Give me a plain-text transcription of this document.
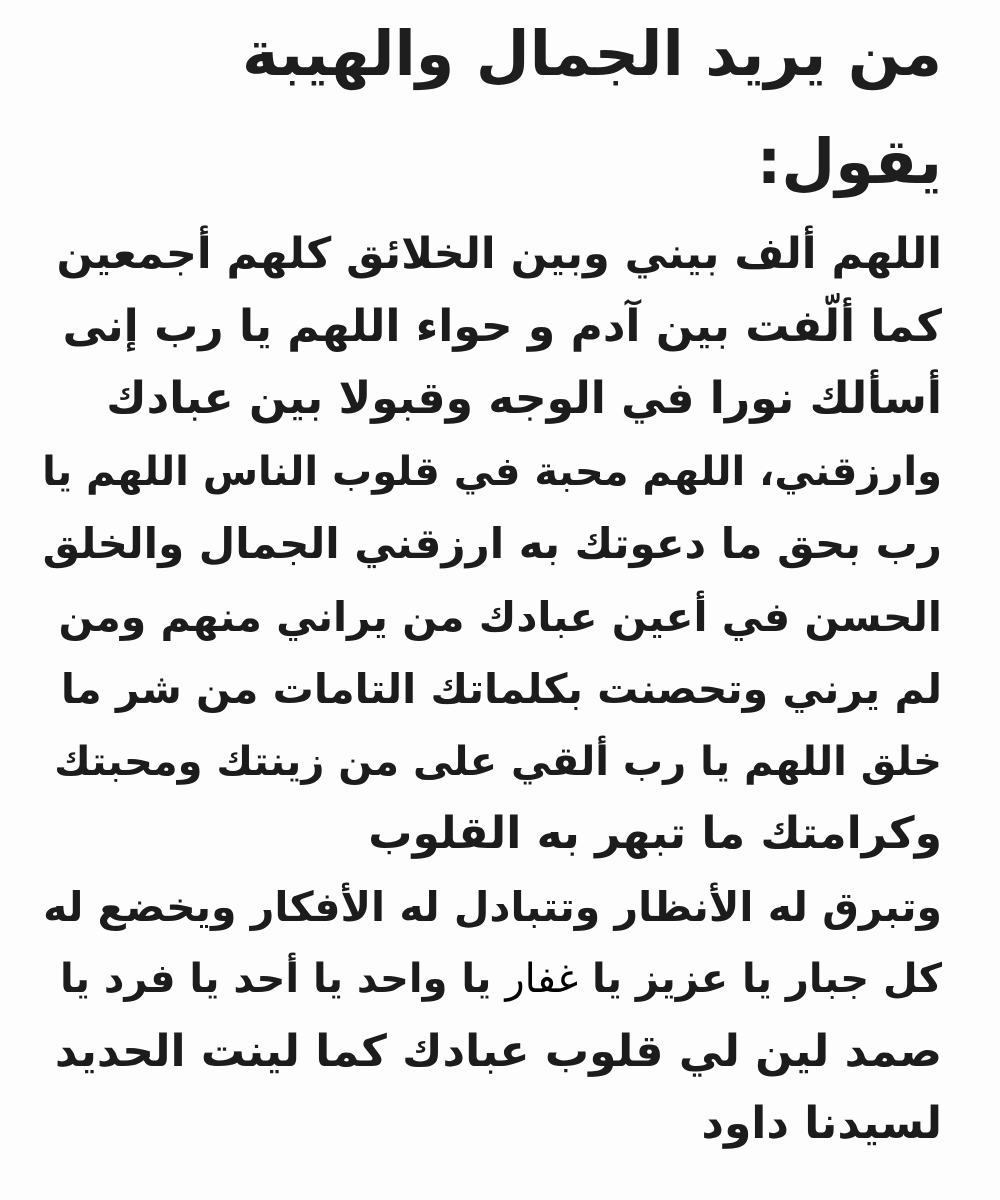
من يريد الجمال والهيبة
يقول:
اللهم ألف بيني وبين الخلائق كلهم أجمعين
كما ألّفت بين آدم و حواء اللهم يا رب إنى
أسألك نورا في الوجه وقبولا بين عبادك
وارزقني، اللهم محبة في قلوب الناس اللهم يا
رب بحق ما دعوتك به ارزقني الجمال والخلق
الحسن في أعين عبادك من يراني منهم ومن
لم يرني وتحصنت بكلماتك التامات من شر ما
خلق اللهم يا رب ألقي على من زينتك ومحبتك
وكرامتك ما تبهر به القلوب
وتبرق له الأنظار وتتبادل له الأفكار ويخضع له
كل جبار يا عزيز يا غفار يا واحد يا أحد يا فرد يا
صمد لين لي قلوب عبادك كما لينت الحديد
لسيدنا داود
